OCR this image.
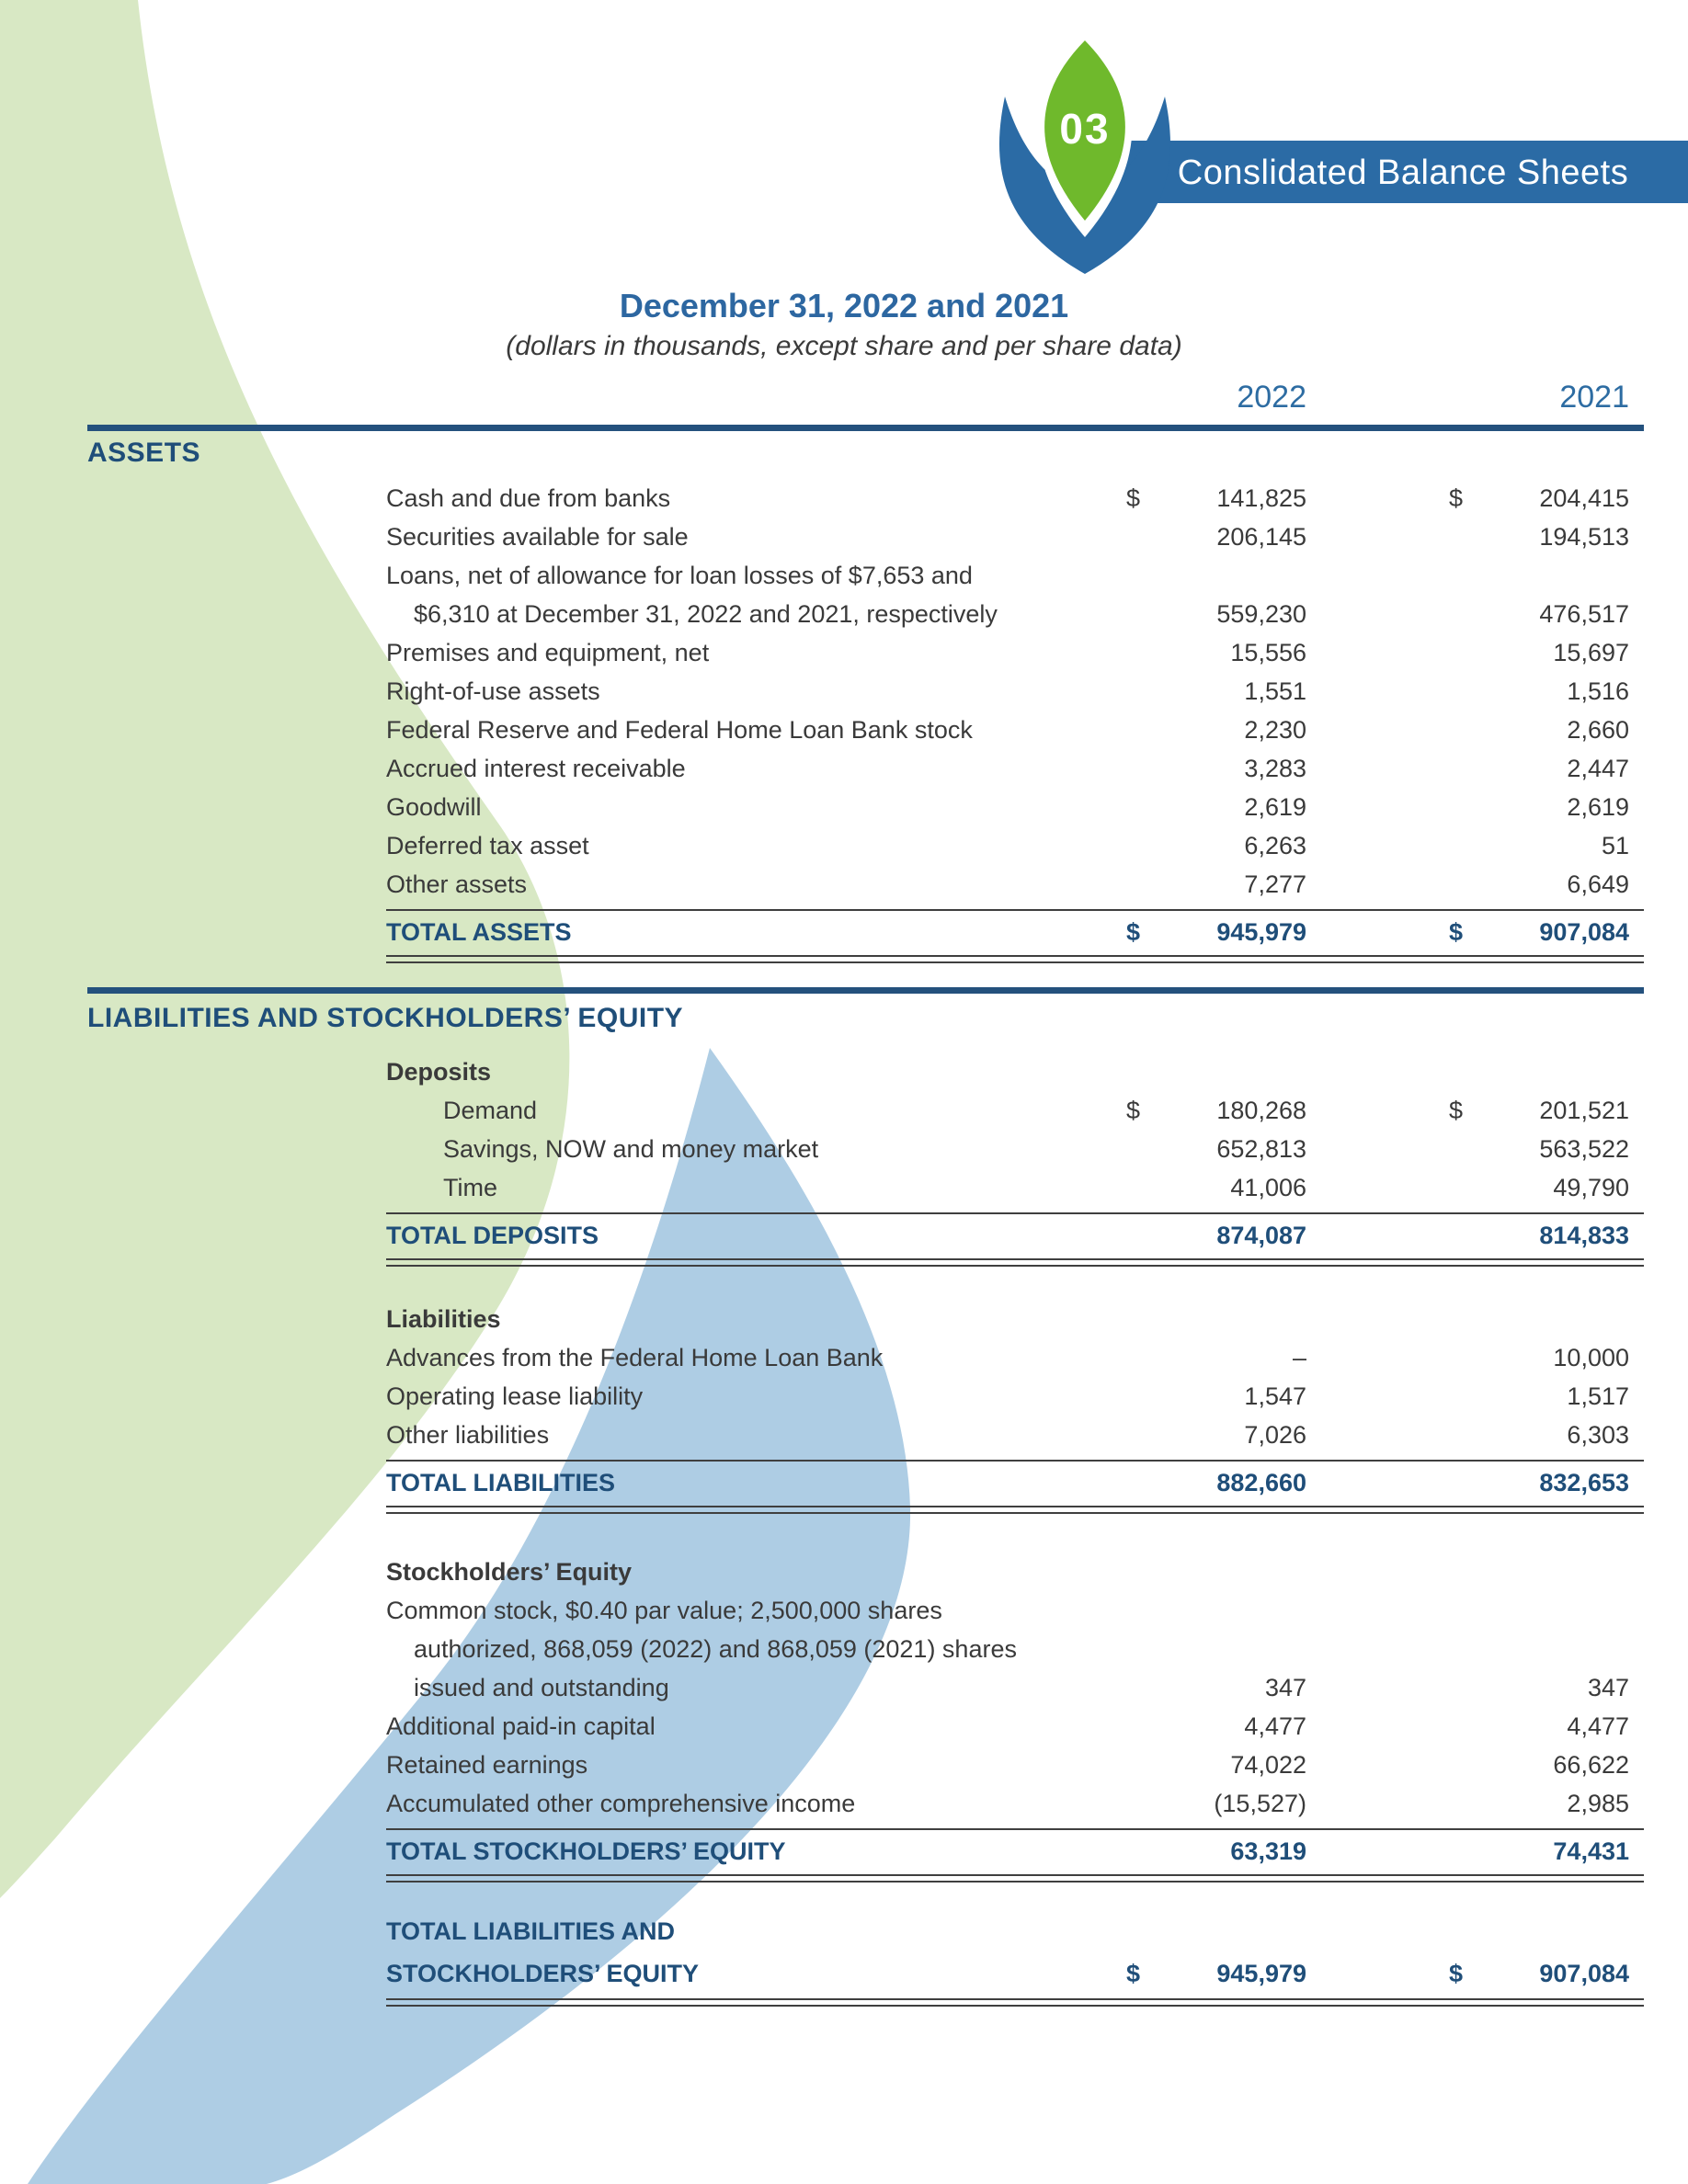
03
Conslidated Balance Sheets
December 31, 2022 and 2021
(dollars in thousands, except share and per share data)
2022	2021
ASSETS
Cash and due from banks	$	141,825	$	204,415
Securities available for sale	206,145	194,513
Loans, net of allowance for loan losses of $7,653 and
$6,310 at December 31, 2022 and 2021, respectively	559,230	476,517
Premises and equipment, net	15,556	15,697
Right-of-use assets	1,551	1,516
Federal Reserve and Federal Home Loan Bank stock	2,230	2,660
Accrued interest receivable	3,283	2,447
Goodwill	2,619	2,619
Deferred tax asset	6,263	51
Other assets	7,277	6,649
TOTAL ASSETS	$	945,979	$	907,084
LIABILITIES AND STOCKHOLDERS’ EQUITY
Deposits
Demand	$	180,268	$	201,521
Savings, NOW and money market	652,813	563,522
Time	41,006	49,790
TOTAL DEPOSITS	874,087	814,833
Liabilities
Advances from the Federal Home Loan Bank	–	10,000
Operating lease liability	1,547	1,517
Other liabilities	7,026	6,303
TOTAL LIABILITIES	882,660	832,653
Stockholders’ Equity
Common stock, $0.40 par value; 2,500,000 shares
authorized, 868,059 (2022) and 868,059 (2021) shares
issued and outstanding	347	347
Additional paid-in capital	4,477	4,477
Retained earnings	74,022	66,622
Accumulated other comprehensive income	(15,527)	2,985
TOTAL STOCKHOLDERS’ EQUITY	63,319	74,431
TOTAL LIABILITIES AND
STOCKHOLDERS’ EQUITY	$	945,979	$	907,084
